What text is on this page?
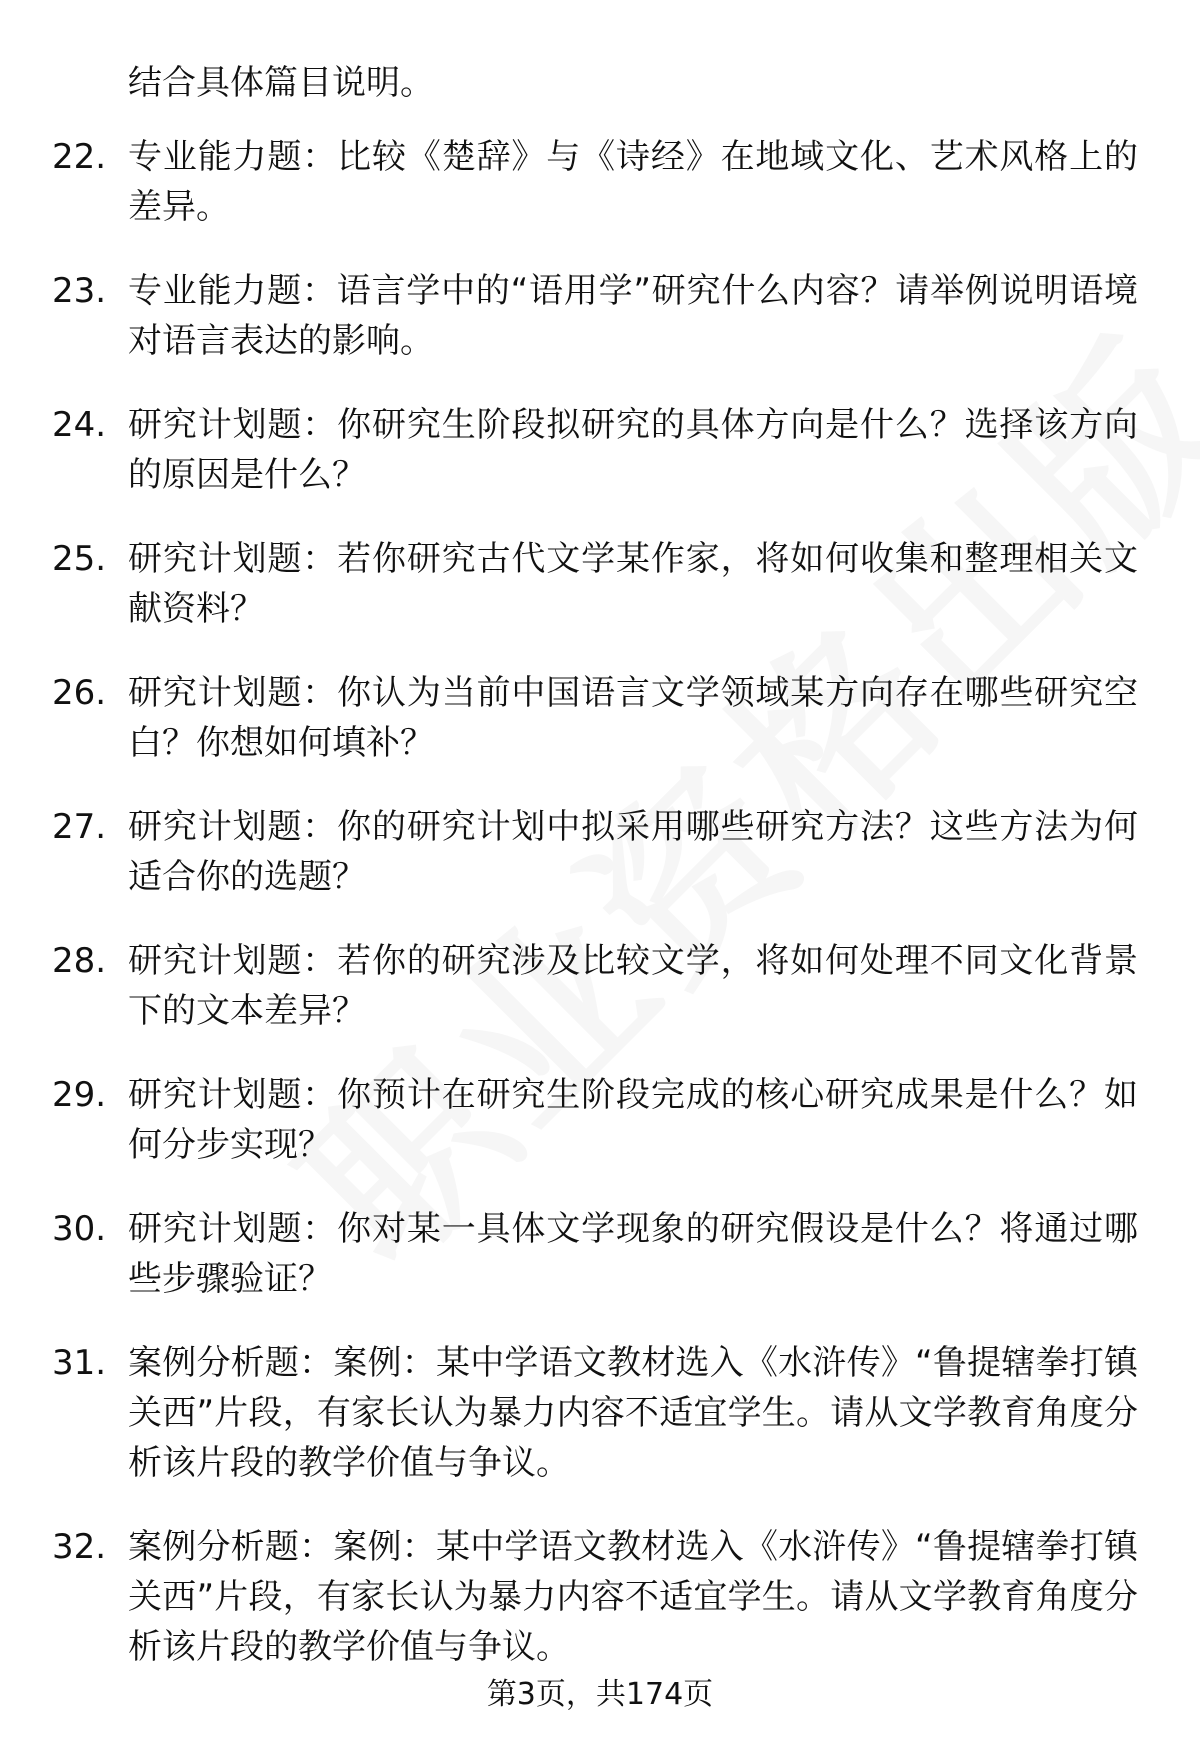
结合具体篇目说明。
22. 专业能力题：比较《楚辞》与《诗经》在地域文化、艺术风格上的差异。
23. 专业能力题：语言学中的“语用学”研究什么内容？请举例说明语境对语言表达的影响。
24. 研究计划题：你研究生阶段拟研究的具体方向是什么？选择该方向的原因是什么？
25. 研究计划题：若你研究古代文学某作家，将如何收集和整理相关文献资料？
26. 研究计划题：你认为当前中国语言文学领域某方向存在哪些研究空白？你想如何填补？
27. 研究计划题：你的研究计划中拟采用哪些研究方法？这些方法为何适合你的选题？
28. 研究计划题：若你的研究涉及比较文学，将如何处理不同文化背景下的文本差异？
29. 研究计划题：你预计在研究生阶段完成的核心研究成果是什么？如何分步实现？
30. 研究计划题：你对某一具体文学现象的研究假设是什么？将通过哪些步骤验证？
31. 案例分析题：案例：某中学语文教材选入《水浒传》“鲁提辖拳打镇关西”片段，有家长认为暴力内容不适宜学生。请从文学教育角度分析该片段的教学价值与争议。
32. 案例分析题：案例：某中学语文教材选入《水浒传》“鲁提辖拳打镇关西”片段，有家长认为暴力内容不适宜学生。请从文学教育角度分析该片段的教学价值与争议。
第3页，共174页
